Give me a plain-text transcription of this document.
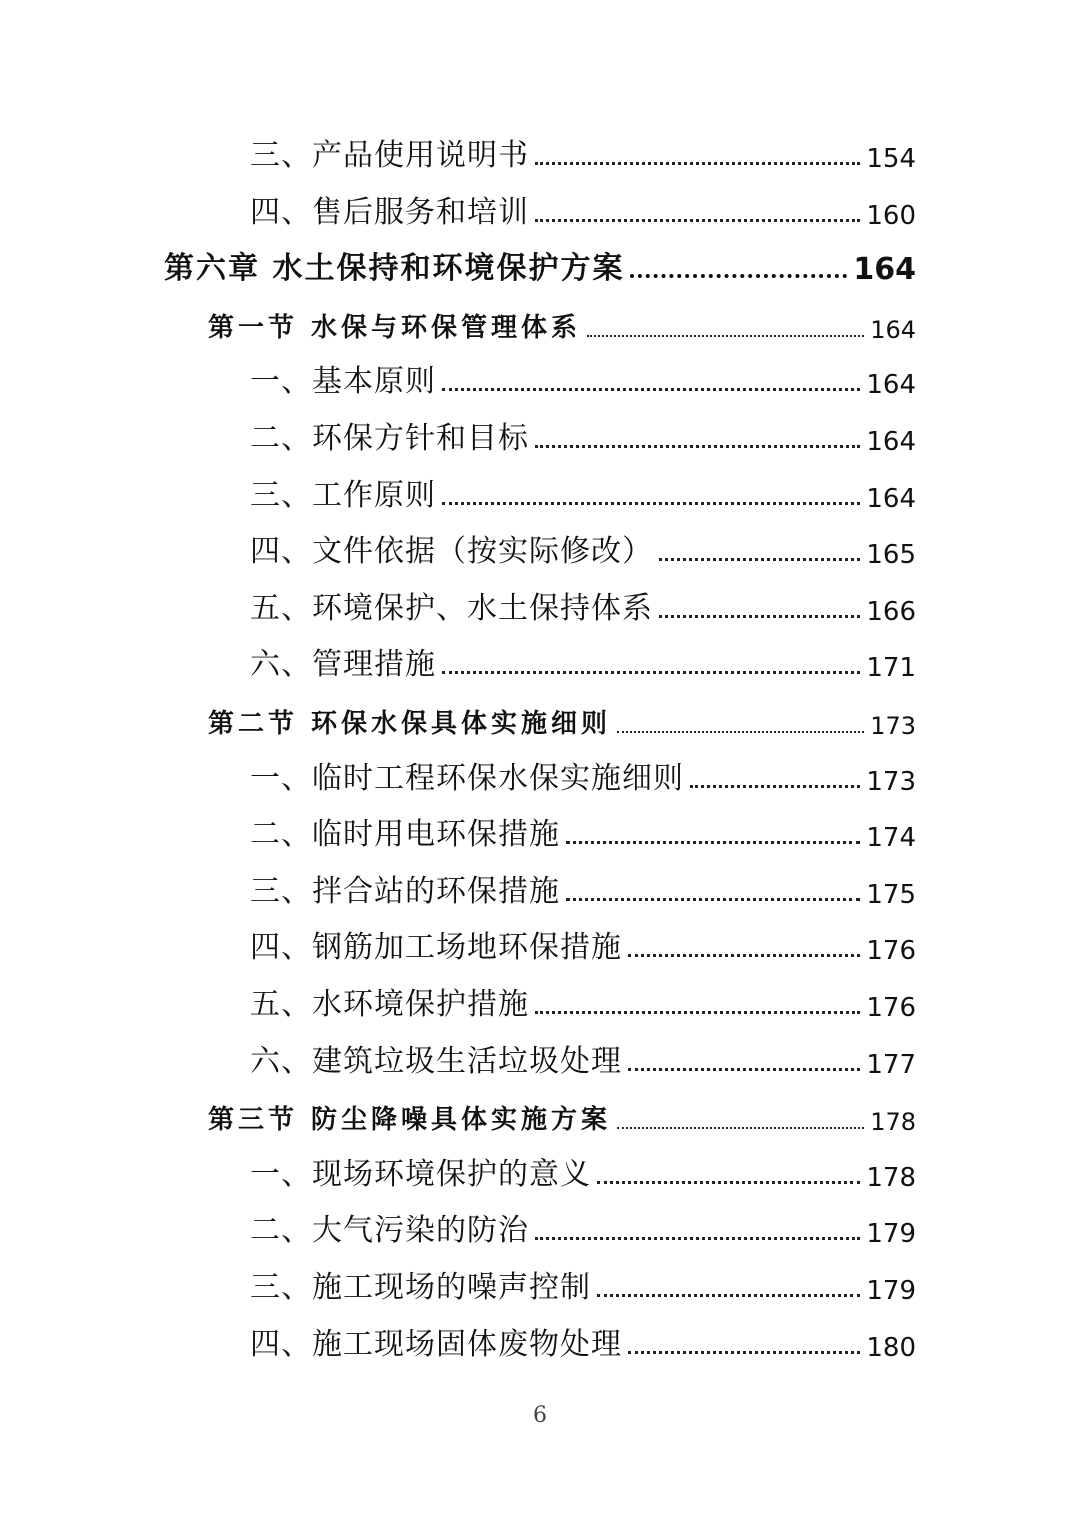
三、产品使用说明书	154
四、售后服务和培训	160
第六章 水土保持和环境保护方案	164
第一节 水保与环保管理体系	164
一、基本原则	164
二、环保方针和目标	164
三、工作原则	164
四、文件依据（按实际修改）	165
五、环境保护、水土保持体系	166
六、管理措施	171
第二节 环保水保具体实施细则	173
一、临时工程环保水保实施细则	173
二、临时用电环保措施	174
三、拌合站的环保措施	175
四、钢筋加工场地环保措施	176
五、水环境保护措施	176
六、建筑垃圾生活垃圾处理	177
第三节 防尘降噪具体实施方案	178
一、现场环境保护的意义	178
二、大气污染的防治	179
三、施工现场的噪声控制	179
四、施工现场固体废物处理	180
6
